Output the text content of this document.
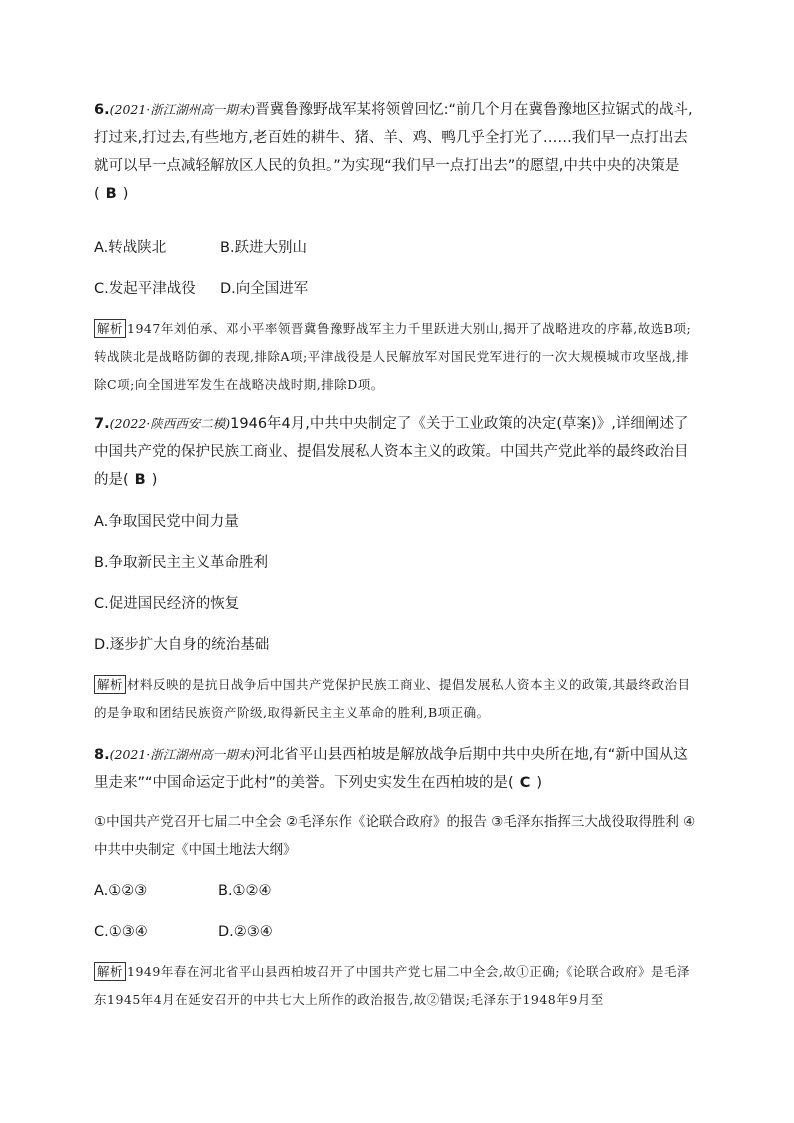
6.(2021·浙江湖州高一期末)晋冀鲁豫野战军某将领曾回忆:“前几个月在冀鲁豫地区拉锯式的战斗,打过来,打过去,有些地方,老百姓的耕牛、猪、羊、鸡、鸭几乎全打光了……我们早一点打出去就可以早一点减轻解放区人民的负担。”为实现“我们早一点打出去”的愿望,中共中央的决策是( B )
A.转战陕北	B.跃进大别山
C.发起平津战役 D.向全国进军
解析 1947年刘伯承、邓小平率领晋冀鲁豫野战军主力千里跃进大别山,揭开了战略进攻的序幕,故选B项;转战陕北是战略防御的表现,排除A项;平津战役是人民解放军对国民党军进行的一次大规模城市攻坚战,排除C项;向全国进军发生在战略决战时期,排除D项。
7.(2022·陕西西安二模)1946年4月,中共中央制定了《关于工业政策的决定(草案)》,详细阐述了中国共产党的保护民族工商业、提倡发展私人资本主义的政策。中国共产党此举的最终政治目的是( B )
A.争取国民党中间力量
B.争取新民主主义革命胜利
C.促进国民经济的恢复
D.逐步扩大自身的统治基础
解析 材料反映的是抗日战争后中国共产党保护民族工商业、提倡发展私人资本主义的政策,其最终政治目的是争取和团结民族资产阶级,取得新民主主义革命的胜利,B项正确。
8.(2021·浙江湖州高一期末)河北省平山县西柏坡是解放战争后期中共中央所在地,有“新中国从这里走来”“中国命运定于此村”的美誉。下列史实发生在西柏坡的是( C )
①中国共产党召开七届二中全会 ②毛泽东作《论联合政府》的报告 ③毛泽东指挥三大战役取得胜利 ④中共中央制定《中国土地法大纲》
A.①②③	B.①②④
C.①③④	D.②③④
解析 1949年春在河北省平山县西柏坡召开了中国共产党七届二中全会,故①正确;《论联合政府》是毛泽东1945年4月在延安召开的中共七大上所作的政治报告,故②错误;毛泽东于1948年9月至
